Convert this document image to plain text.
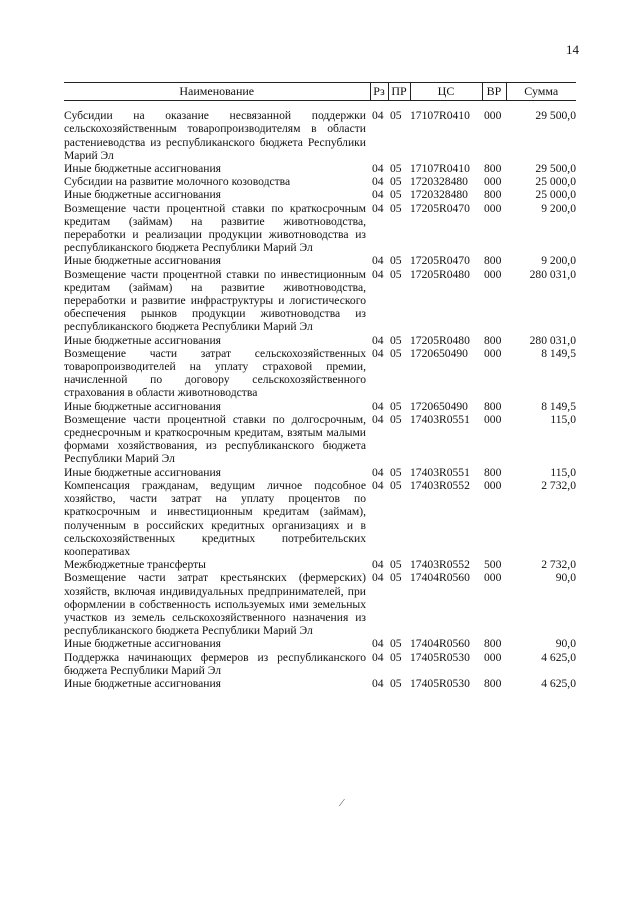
14
Наименование	Рз	ПР	ЦС	ВР	Сумма
Субсидии на оказание несвязанной поддержки сельскохозяйственным товаропроизводителям в области растениеводства из республиканского бюджета Республики Марий Эл	04	05	17107R0410	000	29 500,0
Иные бюджетные ассигнования	04	05	17107R0410	800	29 500,0
Субсидии на развитие молочного козоводства	04	05	1720328480	000	25 000,0
Иные бюджетные ассигнования	04	05	1720328480	800	25 000,0
Возмещение части процентной ставки по краткосрочным кредитам (займам) на развитие животноводства, переработки и реализации продукции животноводства из республиканского бюджета Республики Марий Эл	04	05	17205R0470	000	9 200,0
Иные бюджетные ассигнования	04	05	17205R0470	800	9 200,0
Возмещение части процентной ставки по инвестиционным кредитам (займам) на развитие животноводства, переработки и развитие инфраструктуры и логистического обеспечения рынков продукции животноводства из республиканского бюджета Республики Марий Эл	04	05	17205R0480	000	280 031,0
Иные бюджетные ассигнования	04	05	17205R0480	800	280 031,0
Возмещение части затрат сельскохозяйственных товаропроизводителей на уплату страховой премии, начисленной по договору сельскохозяйственного страхования в области животноводства	04	05	1720650490	000	8 149,5
Иные бюджетные ассигнования	04	05	1720650490	800	8 149,5
Возмещение части процентной ставки по долгосрочным, среднесрочным и краткосрочным кредитам, взятым малыми формами хозяйствования, из республиканского бюджета Республики Марий Эл	04	05	17403R0551	000	115,0
Иные бюджетные ассигнования	04	05	17403R0551	800	115,0
Компенсация гражданам, ведущим личное подсобное хозяйство, части затрат на уплату процентов по краткосрочным и инвестиционным кредитам (займам), полученным в российских кредитных организациях и в сельскохозяйственных кредитных потребительских кооперативах	04	05	17403R0552	000	2 732,0
Межбюджетные трансферты	04	05	17403R0552	500	2 732,0
Возмещение части затрат крестьянских (фермерских) хозяйств, включая индивидуальных предпринимателей, при оформлении в собственность используемых ими земельных участков из земель сельскохозяйственного назначения из республиканского бюджета Республики Марий Эл	04	05	17404R0560	000	90,0
Иные бюджетные ассигнования	04	05	17404R0560	800	90,0
Поддержка начинающих фермеров из республиканского бюджета Республики Марий Эл	04	05	17405R0530	000	4 625,0
Иные бюджетные ассигнования	04	05	17405R0530	800	4 625,0
⁄
